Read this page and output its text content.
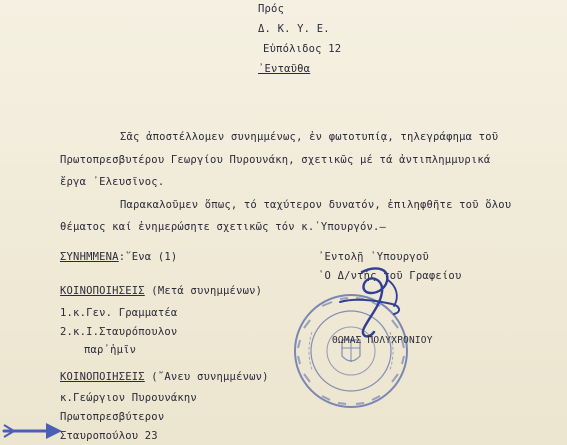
Πρός
Δ. Κ. Υ. Ε.
Εὐπόλιδος 12
᾿Ενταῦθα
Σᾶς ἀποστέλλομεν συνημμένως, ἐν φωτοτυπίᾳ, τηλεγράφημα τοῦ
Πρωτοπρεσβυτέρου Γεωργίου Πυρουνάκη, σχετικῶς μέ τά ἀντιπλημμυρικά
ἔργα ᾿Ελευσῖνος.
Παρακαλοῦμεν ὅπως, τό ταχύτερον δυνατόν, ἐπιληφθῆτε τοῦ ὅλου
θέματος καί ἐνημερώσητε σχετικῶς τόν κ.᾿Υπουργόν.–
ΣΥΝΗΜΜΕΝΑ:῞Ενα (1)	᾿Εντολῇ ῾Υπουργοῦ
῾Ο Δ/ντής τοῦ Γραφείου
ΚΟΙΝΟΠΟΙΗΣΕΙΣ (Μετά συνημμένων)
1.κ.Γεν. Γραμματέα
2.κ.Ι.Σταυρόπουλον
παρ᾿ἡμῖν
ΚΟΙΝΟΠΟΙΗΣΕΙΣ (῎Ανευ συνημμένων)
κ.Γεώργιον Πυρουνάκην
Πρωτοπρεσβύτερον
Σταυροπούλου 23
ΘΩΜΑΣ ΠΟΛΥΧΡΟΝΙΟΥ
